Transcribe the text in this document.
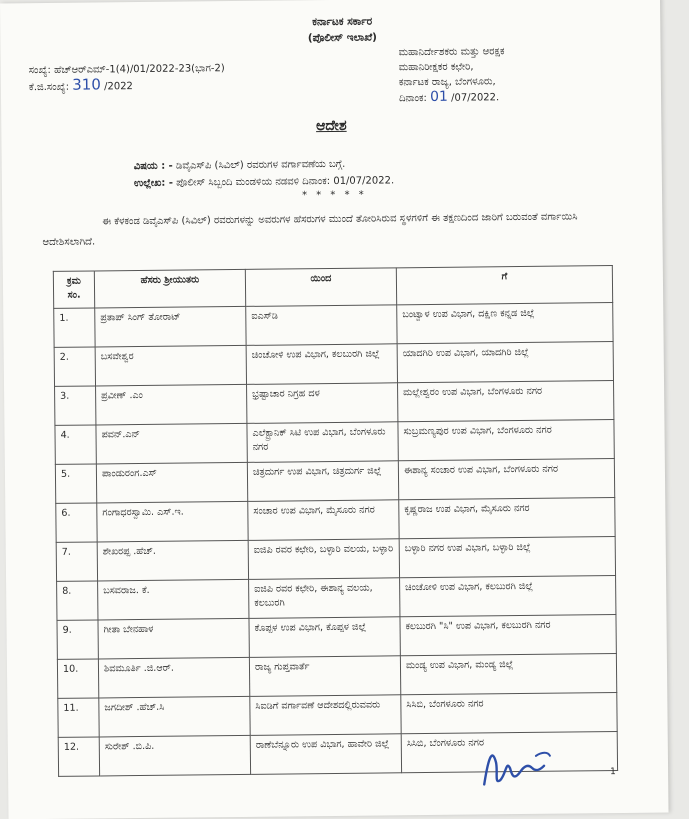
ಕರ್ನಾಟಕ ಸರ್ಕಾರ
(ಪೊಲೀಸ್ ಇಲಾಖೆ)
ಸಂಖ್ಯೆ: ಹೆಚ್‌ಆರ್‌ಎಮ್-1(4)/01/2022-23(ಭಾಗ-2)
ಕೆ.ಜಿ.ಸಂಖ್ಯೆ: 310 /2022
ಮಹಾನಿರ್ದೇಶಕರು ಮತ್ತು ಆರಕ್ಷಕ
ಮಹಾನಿರೀಕ್ಷಕರ ಕಛೇರಿ,
ಕರ್ನಾಟಕ ರಾಜ್ಯ, ಬೆಂಗಳೂರು,
ದಿನಾಂಕ: 01 /07/2022.
ಆದೇಶ
ವಿಷಯ : - ಡಿವೈಎಸ್‌ಪಿ (ಸಿವಿಲ್) ರವರುಗಳ ವರ್ಗಾವಣೆಯ ಬಗ್ಗೆ.
ಉಲ್ಲೇಖ: - ಪೊಲೀಸ್ ಸಿಬ್ಬಂದಿ ಮಂಡಳಿಯ ನಡವಳಿ ದಿನಾಂಕ: 01/07/2022.
* * * * *
ಈ ಕೆಳಕಂಡ ಡಿವೈಎಸ್‌ಪಿ (ಸಿವಿಲ್) ರವರುಗಳನ್ನು ಅವರುಗಳ ಹೆಸರುಗಳ ಮುಂದೆ ತೋರಿಸಿರುವ ಸ್ಥಳಗಳಿಗೆ ಈ ತಕ್ಷಣದಿಂದ ಜಾರಿಗೆ ಬರುವಂತೆ ವರ್ಗಾಯಿಸಿ ಆದೇಶಿಸಲಾಗಿದೆ.
ಕ್ರಮ ಸಂ.	ಹೆಸರು ಶ್ರೀಯುತರು	ಯಿಂದ	ಗೆ
1.	ಪ್ರತಾಪ್ ಸಿಂಗ್ ತೋರಾಟ್	ಐಎಸ್‌ಡಿ	ಬಂಟ್ವಾಳ ಉಪ ವಿಭಾಗ, ದಕ್ಷಿಣ ಕನ್ನಡ ಜಿಲ್ಲೆ
2.	ಬಸವೇಶ್ವರ	ಚಿಂಚೋಳಿ ಉಪ ವಿಭಾಗ, ಕಲಬುರಗಿ ಜಿಲ್ಲೆ	ಯಾದಗಿರಿ ಉಪ ವಿಭಾಗ, ಯಾದಗಿರಿ ಜಿಲ್ಲೆ
3.	ಪ್ರವೀಣ್ .ಎಂ	ಭ್ರಷ್ಟಾಚಾರ ನಿಗ್ರಹ ದಳ	ಮಲ್ಲೇಶ್ವರಂ ಉಪ ವಿಭಾಗ, ಬೆಂಗಳೂರು ನಗರ
4.	ಪವನ್.ಎನ್	ಎಲೆಕ್ಟ್ರಾನಿಕ್ ಸಿಟಿ ಉಪ ವಿಭಾಗ, ಬೆಂಗಳೂರು ನಗರ	ಸುಬ್ರಮಣ್ಯಪುರ ಉಪ ವಿಭಾಗ, ಬೆಂಗಳೂರು ನಗರ
5.	ಪಾಂಡುರಂಗ.ಎಸ್	ಚಿತ್ರದುರ್ಗ ಉಪ ವಿಭಾಗ, ಚಿತ್ರದುರ್ಗ ಜಿಲ್ಲೆ	ಈಶಾನ್ಯ ಸಂಚಾರ ಉಪ ವಿಭಾಗ, ಬೆಂಗಳೂರು ನಗರ
6.	ಗಂಗಾಧರಸ್ವಾಮಿ. ಎಸ್.ಇ.	ಸಂಚಾರ ಉಪ ವಿಭಾಗ, ಮೈಸೂರು ನಗರ	ಕೃಷ್ಣರಾಜ ಉಪ ವಿಭಾಗ, ಮೈಸೂರು ನಗರ
7.	ಶೇಖರಪ್ಪ .ಹೆಚ್.	ಐಜಿಪಿ ರವರ ಕಛೇರಿ, ಬಳ್ಳಾರಿ ವಲಯ, ಬಳ್ಳಾರಿ	ಬಳ್ಳಾರಿ ನಗರ ಉಪ ವಿಭಾಗ, ಬಳ್ಳಾರಿ ಜಿಲ್ಲೆ
8.	ಬಸವರಾಜ. ಕೆ.	ಐಜಿಪಿ ರವರ ಕಛೇರಿ, ಈಶಾನ್ಯ ವಲಯ, ಕಲಬುರಗಿ	ಚಿಂಚೋಳಿ ಉಪ ವಿಭಾಗ, ಕಲಬುರಗಿ ಜಿಲ್ಲೆ
9.	ಗೀತಾ ಬೇನಹಾಳ	ಕೊಪ್ಪಳ ಉಪ ವಿಭಾಗ, ಕೊಪ್ಪಳ ಜಿಲ್ಲೆ	ಕಲಬುರಗಿ "ಸಿ" ಉಪ ವಿಭಾಗ, ಕಲಬುರಗಿ ನಗರ
10.	ಶಿವಮೂರ್ತಿ .ಜಿ.ಆರ್.	ರಾಜ್ಯ ಗುಪ್ತವಾರ್ತೆ	ಮಂಡ್ಯ ಉಪ ವಿಭಾಗ, ಮಂಡ್ಯ ಜಿಲ್ಲೆ
11.	ಜಗದೀಶ್ .ಹೆಚ್.ಸಿ	ಸಿಐಡಿಗೆ ವರ್ಗಾವಣೆ ಆದೇಶದಲ್ಲಿರುವವರು	ಸಿಸಿಬಿ, ಬೆಂಗಳೂರು ನಗರ
12.	ಸುರೇಶ್ .ಬಿ.ಪಿ.	ರಾಣೆಬೆನ್ನೂರು ಉಪ ವಿಭಾಗ, ಹಾವೇರಿ ಜಿಲ್ಲೆ	ಸಿಸಿಬಿ, ಬೆಂಗಳೂರು ನಗರ
1
